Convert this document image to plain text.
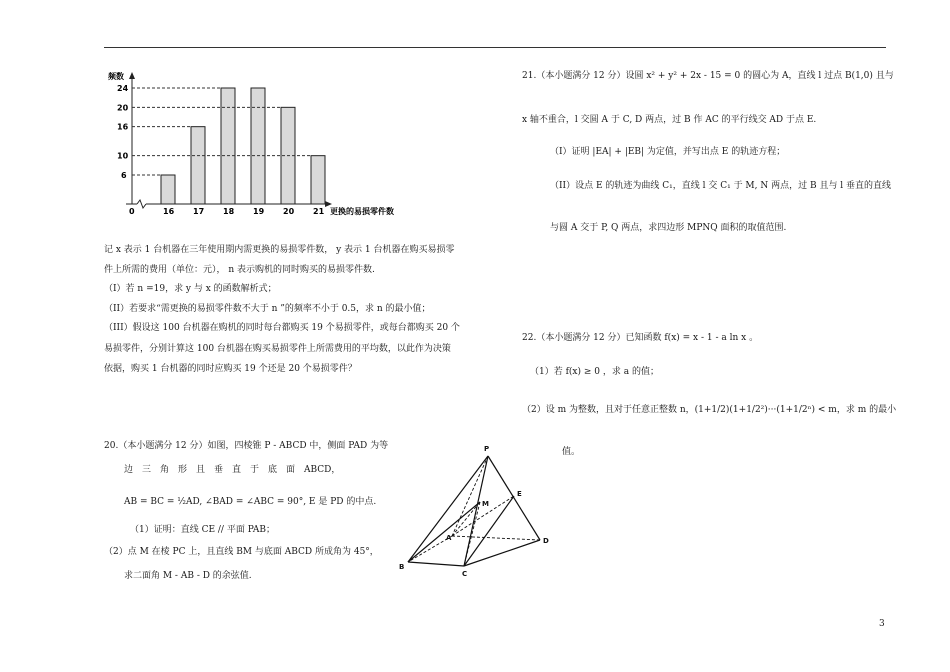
频数
24
20
16
10
6
16 17 18 19 20 21
0	更换的易损零件数
记 x 表示 1 台机器在三年使用期内需更换的易损零件数， y 表示 1 台机器在购买易损零
件上所需的费用（单位：元）， n 表示购机的同时购买的易损零件数.
（I）若 n =19，求 y 与 x 的函数解析式；
（II）若要求“需更换的易损零件数不大于 n ”的频率不小于 0.5，求 n 的最小值；
（III）假设这 100 台机器在购机的同时每台都购买 19 个易损零件，或每台都购买 20 个
易损零件，分别计算这 100 台机器在购买易损零件上所需费用的平均数，以此作为决策
依据，购买 1 台机器的同时应购买 19 个还是 20 个易损零件？
20.（本小题满分 12 分）如图，四棱锥 P - ABCD 中，侧面 PAD 为等
边　三　角　形　且　垂　直　于　底　面　ABCD，
AB = BC = ½AD, ∠BAD = ∠ABC = 90°, E 是 PD 的中点.
（1）证明：直线 CE // 平面 PAB；
（2）点 M 在棱 PC 上，且直线 BM 与底面 ABCD 所成角为 45°，
求二面角 M - AB - D 的余弦值.
P
E
M
A	D
B
C
21.（本小题满分 12 分）设圆 x² + y² + 2x - 15 = 0 的圆心为 A，直线 l 过点 B(1,0) 且与
x 轴不重合，l 交圆 A 于 C, D 两点，过 B 作 AC 的平行线交 AD 于点 E.
（I）证明 |EA| + |EB| 为定值，并写出点 E 的轨迹方程；
（II）设点 E 的轨迹为曲线 C₁，直线 l 交 C₁ 于 M, N 两点，过 B 且与 l 垂直的直线
与圆 A 交于 P, Q 两点，求四边形 MPNQ 面积的取值范围.
22.（本小题满分 12 分）已知函数 f(x) = x - 1 - a ln x 。
（1）若 f(x) ≥ 0 ，求 a 的值；
（2）设 m 为整数，且对于任意正整数 n，(1+1/2)(1+1/2²)···(1+1/2ⁿ) < m，求 m 的最小
值。
3
